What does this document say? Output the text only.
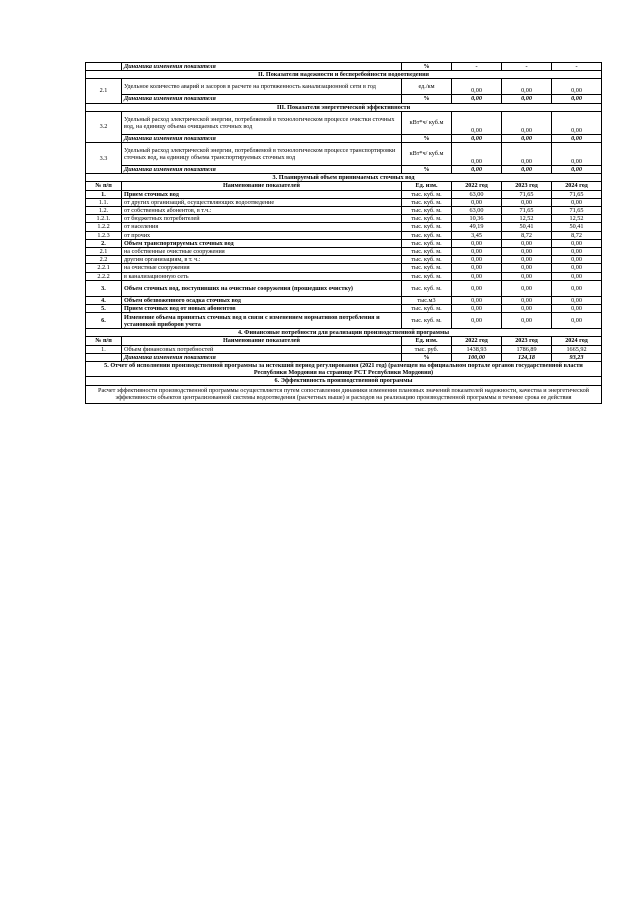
	Динамика изменения показателя	%	-	-	-
II. Показатели надежности и бесперебойности водоотведения					
2.1	Удельное количество аварий и засоров в расчете на протяженность канализационной сети в год	ед./км	0,00	0,00	0,00
	Динамика изменения показателя	%	0,00	0,00	0,00
III. Показатели энергетической эффективности					
3.2	Удельный расход электрической энергии, потребляемой в технологическом процессе очистки сточных вод, на единицу объема очищаемых сточных вод	кВт*ч/ куб.м	0,00	0,00	0,00
	Динамика изменения показателя	%	0,00	0,00	0,00
3.3	Удельный расход электрической энергии, потребляемой в технологическом процессе транспортировки сточных вод, на единицу объема транспортируемых сточных вод	кВт*ч/ куб.м	0,00	0,00	0,00
	Динамика изменения показателя	%	0,00	0,00	0,00
3. Планируемый объем принимаемых сточных вод					
№ п/п	Наименование показателей	Ед. изм.	2022 год	2023 год	2024 год
1.	Прием сточных вод	тыс. куб. м.	63,00	71,65	71,65
1.1.	от других организаций, осуществляющих водоотведение	тыс. куб. м.	0,00	0,00	0,00
1.2.	от собственных абонентов, в т.ч.:	тыс. куб. м.	63,00	71,65	71,65
1.2.1.	от бюджетных потребителей	тыс. куб. м.	10,36	12,52	12,52
1.2.2	от населения	тыс. куб. м.	49,19	50,41	50,41
1.2.3	от прочих	тыс. куб. м.	3,45	8,72	8,72
2.	Объем транспортируемых сточных вод	тыс. куб. м.	0,00	0,00	0,00
2.1	на собственные очистные сооружения	тыс. куб. м.	0,00	0,00	0,00
2.2	другим организациям, в т. ч.:	тыс. куб. м.	0,00	0,00	0,00
2.2.1	на очистные сооружения	тыс. куб. м.	0,00	0,00	0,00
2.2.2	в канализационную сеть	тыс. куб. м.	0,00	0,00	0,00
3.	Объем сточных вод, поступивших на очистные сооружения (прошедших очистку)	тыс. куб. м.	0,00	0,00	0,00
4.	Объем обезвоженного осадка сточных вод	тыс.м3	0,00	0,00	0,00
5.	Прием сточных вод от новых абонентов	тыс. куб. м.	0,00	0,00	0,00
6.	Изменение объема принятых сточных вод в связи с изменением нормативов потребления и установкой приборов учета	тыс. куб. м.	0,00	0,00	0,00
4. Финансовые потребности для реализации производственной программы					
№ п/п	Наименование показателей	Ед. изм.	2022 год	2023 год	2024 год
1.	Объем финансовых потребностей	тыс. руб.	1438,93	1786,89	1665,92
	Динамика изменения показателя	%	100,00	124,18	93,23
5. Отчет об исполнении производственной программы за истекший период регулирования (2021 год) (размещен на официальном портале органов государственной власти Республики Мордовия на странице РСТ Республики Мордовия)					
6. Эффективность производственной программы					
Расчет эффективности производственной программы осуществляется путем сопоставления динамики изменения плановых значений показателей надежности, качества и энергетической эффективности объектов централизованной системы водоотведения (расчетных выше) и расходов на реализацию производственной программы в течение срока ее действия					
